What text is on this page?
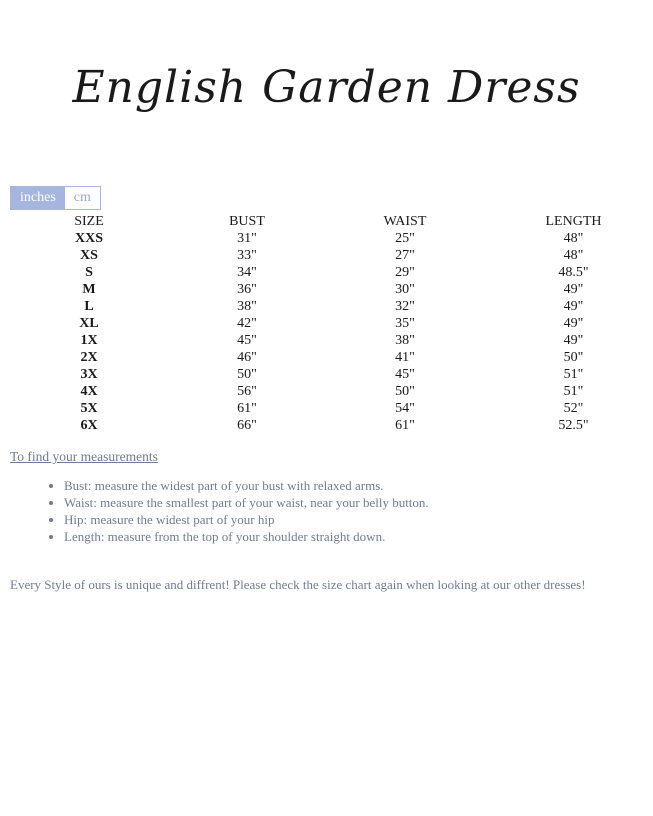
English Garden Dress
inches	cm
SIZE	BUST	WAIST	LENGTH
XXS	31"	25"	48"
XS	33"	27"	48"
S	34"	29"	48.5"
M	36"	30"	49"
L	38"	32"	49"
XL	42"	35"	49"
1X	45"	38"	49"
2X	46"	41"	50"
3X	50"	45"	51"
4X	56"	50"	51"
5X	61"	54"	52"
6X	66"	61"	52.5"
To find your measurements
• Bust: measure the widest part of your bust with relaxed arms.
• Waist: measure the smallest part of your waist, near your belly button.
• Hip: measure the widest part of your hip
• Length: measure from the top of your shoulder straight down.
Every Style of ours is unique and diffrent! Please check the size chart again when looking at our other dresses!
